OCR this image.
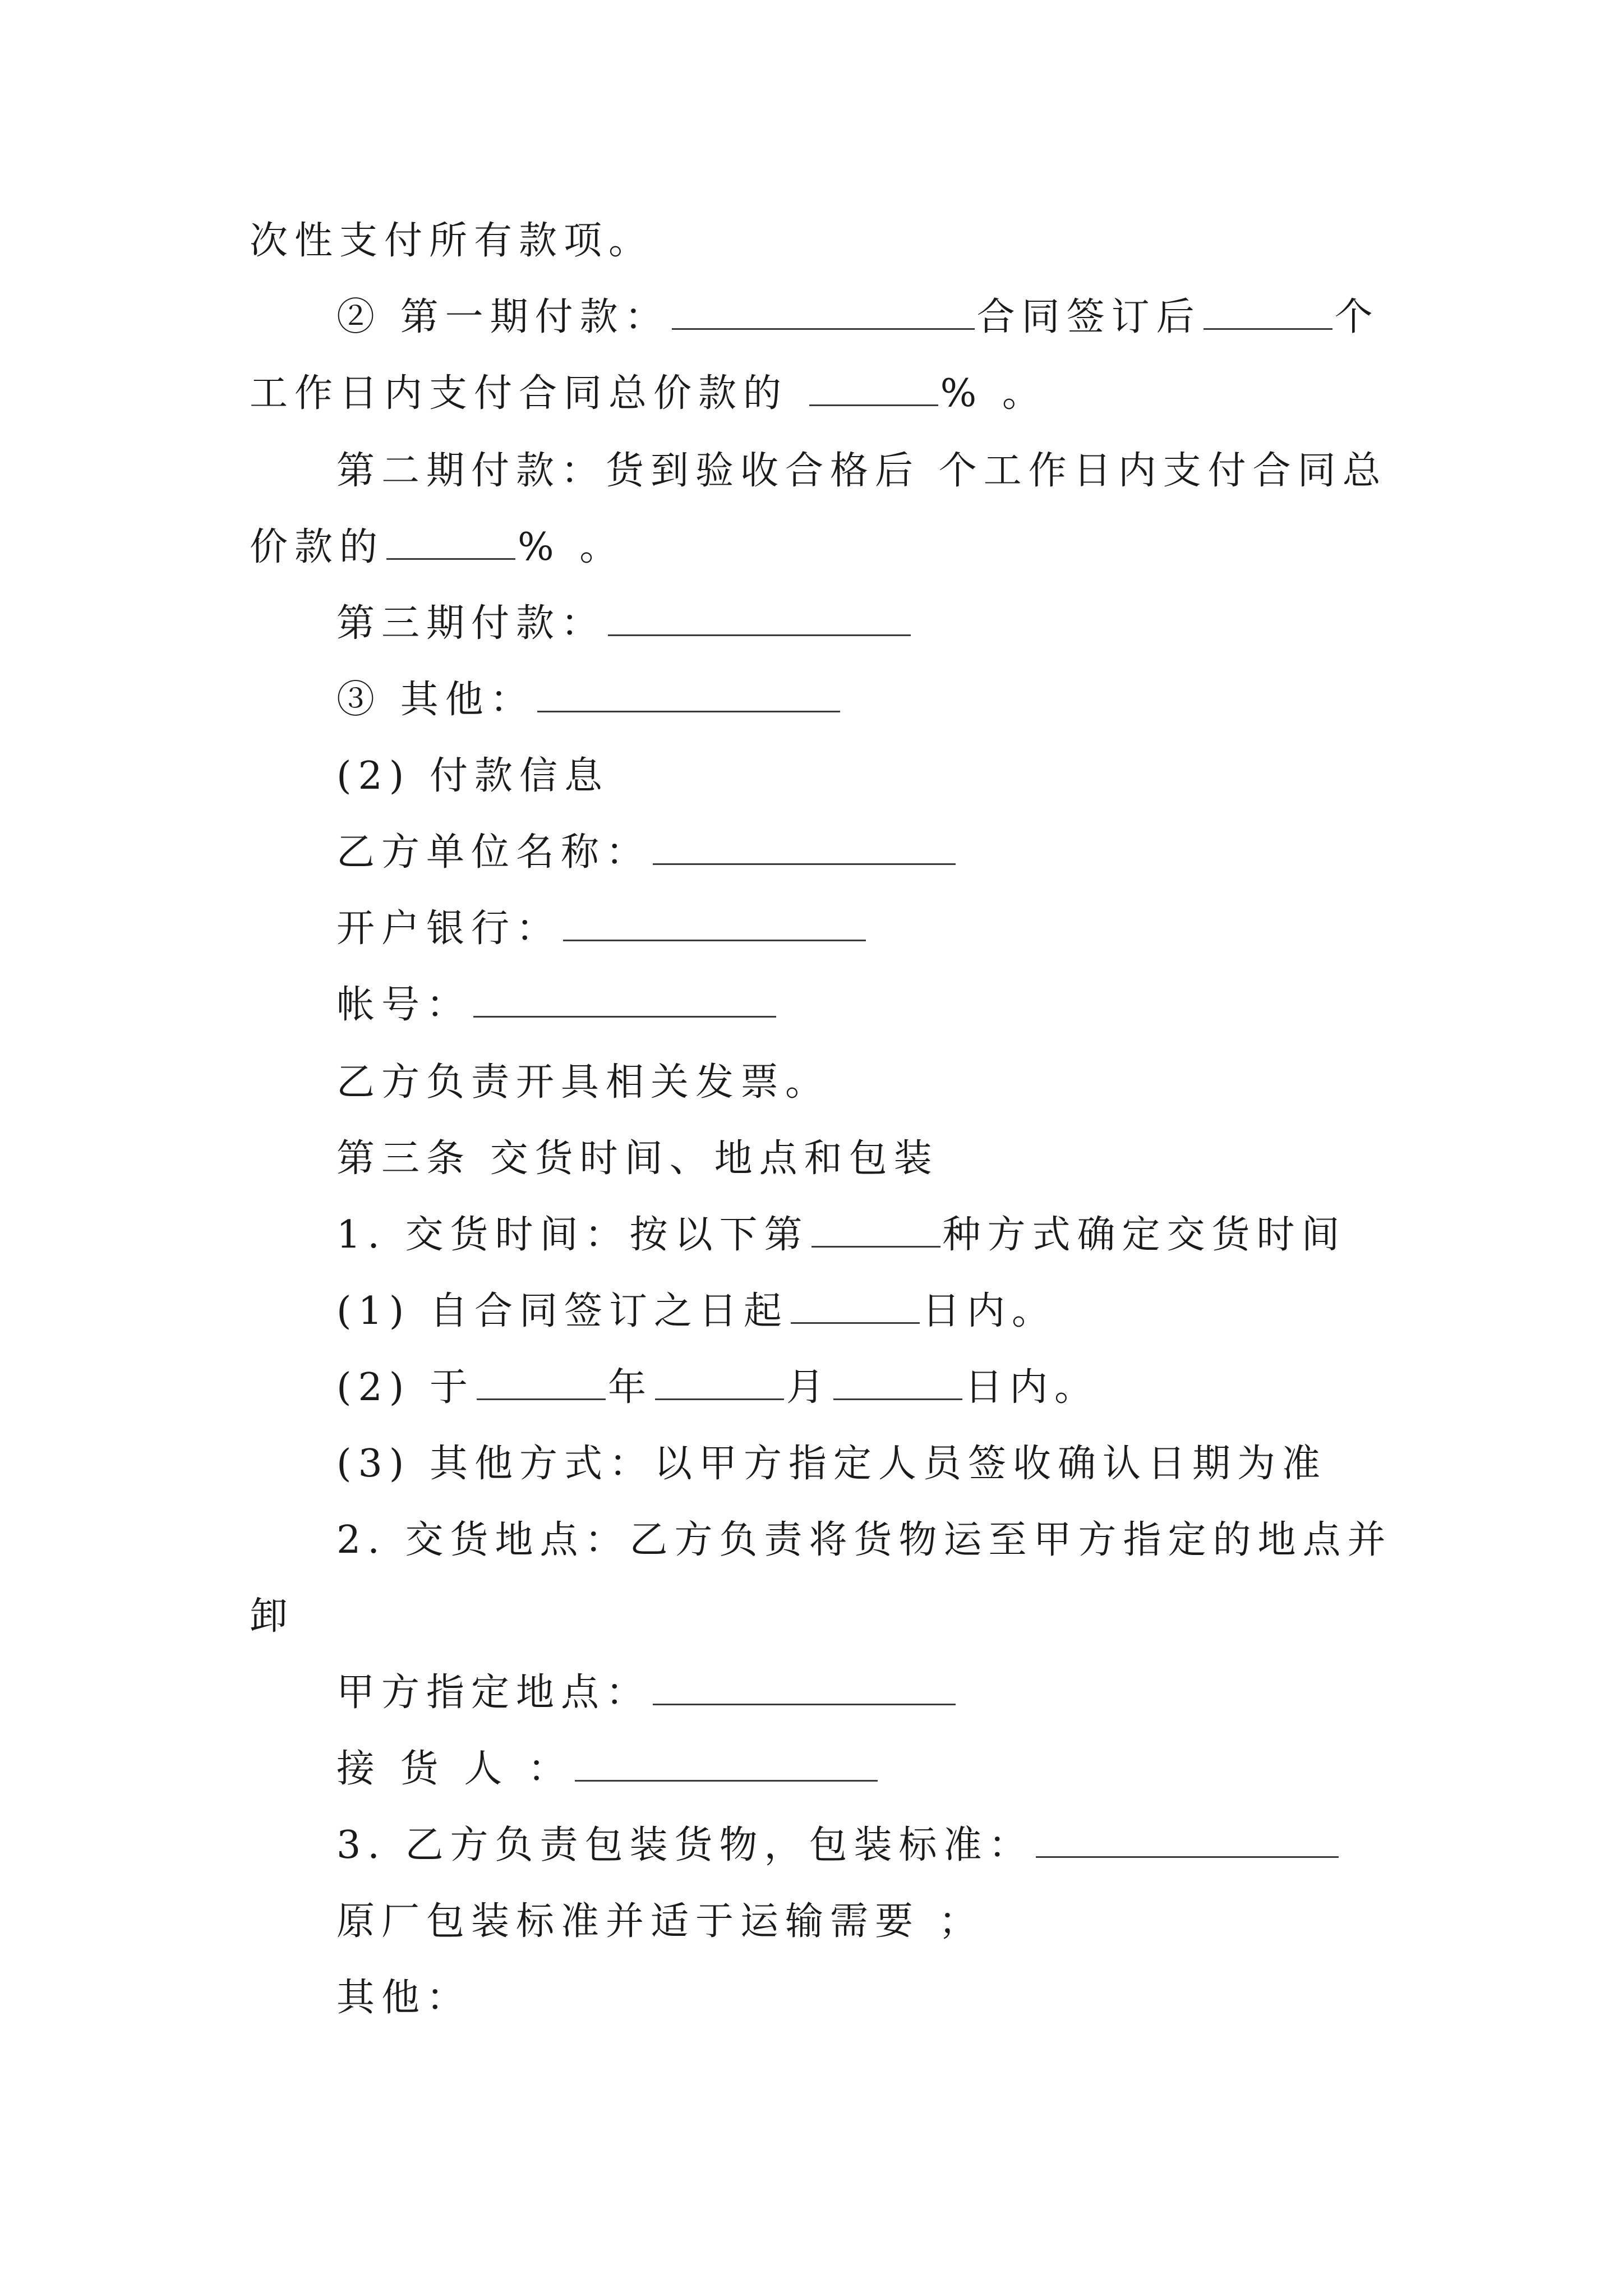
次性支付所有款项。
② 第一期付款：	合同签订后	个
工作日内支付合同总价款的	% 。
第二期付款：货到验收合格后 个工作日内支付合同总
价款的	% 。
第三期付款：
③ 其他：
(2) 付款信息
乙方单位名称：
开户银行：
帐号：
乙方负责开具相关发票。
第三条 交货时间、地点和包装
1. 交货时间：按以下第	种方式确定交货时间
(1) 自合同签订之日起	日内。
(2) 于	年	月	日内。
(3) 其他方式：以甲方指定人员签收确认日期为准
2. 交货地点：乙方负责将货物运至甲方指定的地点并
卸
甲方指定地点：
接 货 人 ：
3. 乙方负责包装货物，包装标准：
原厂包装标准并适于运输需要 ；
其他：
